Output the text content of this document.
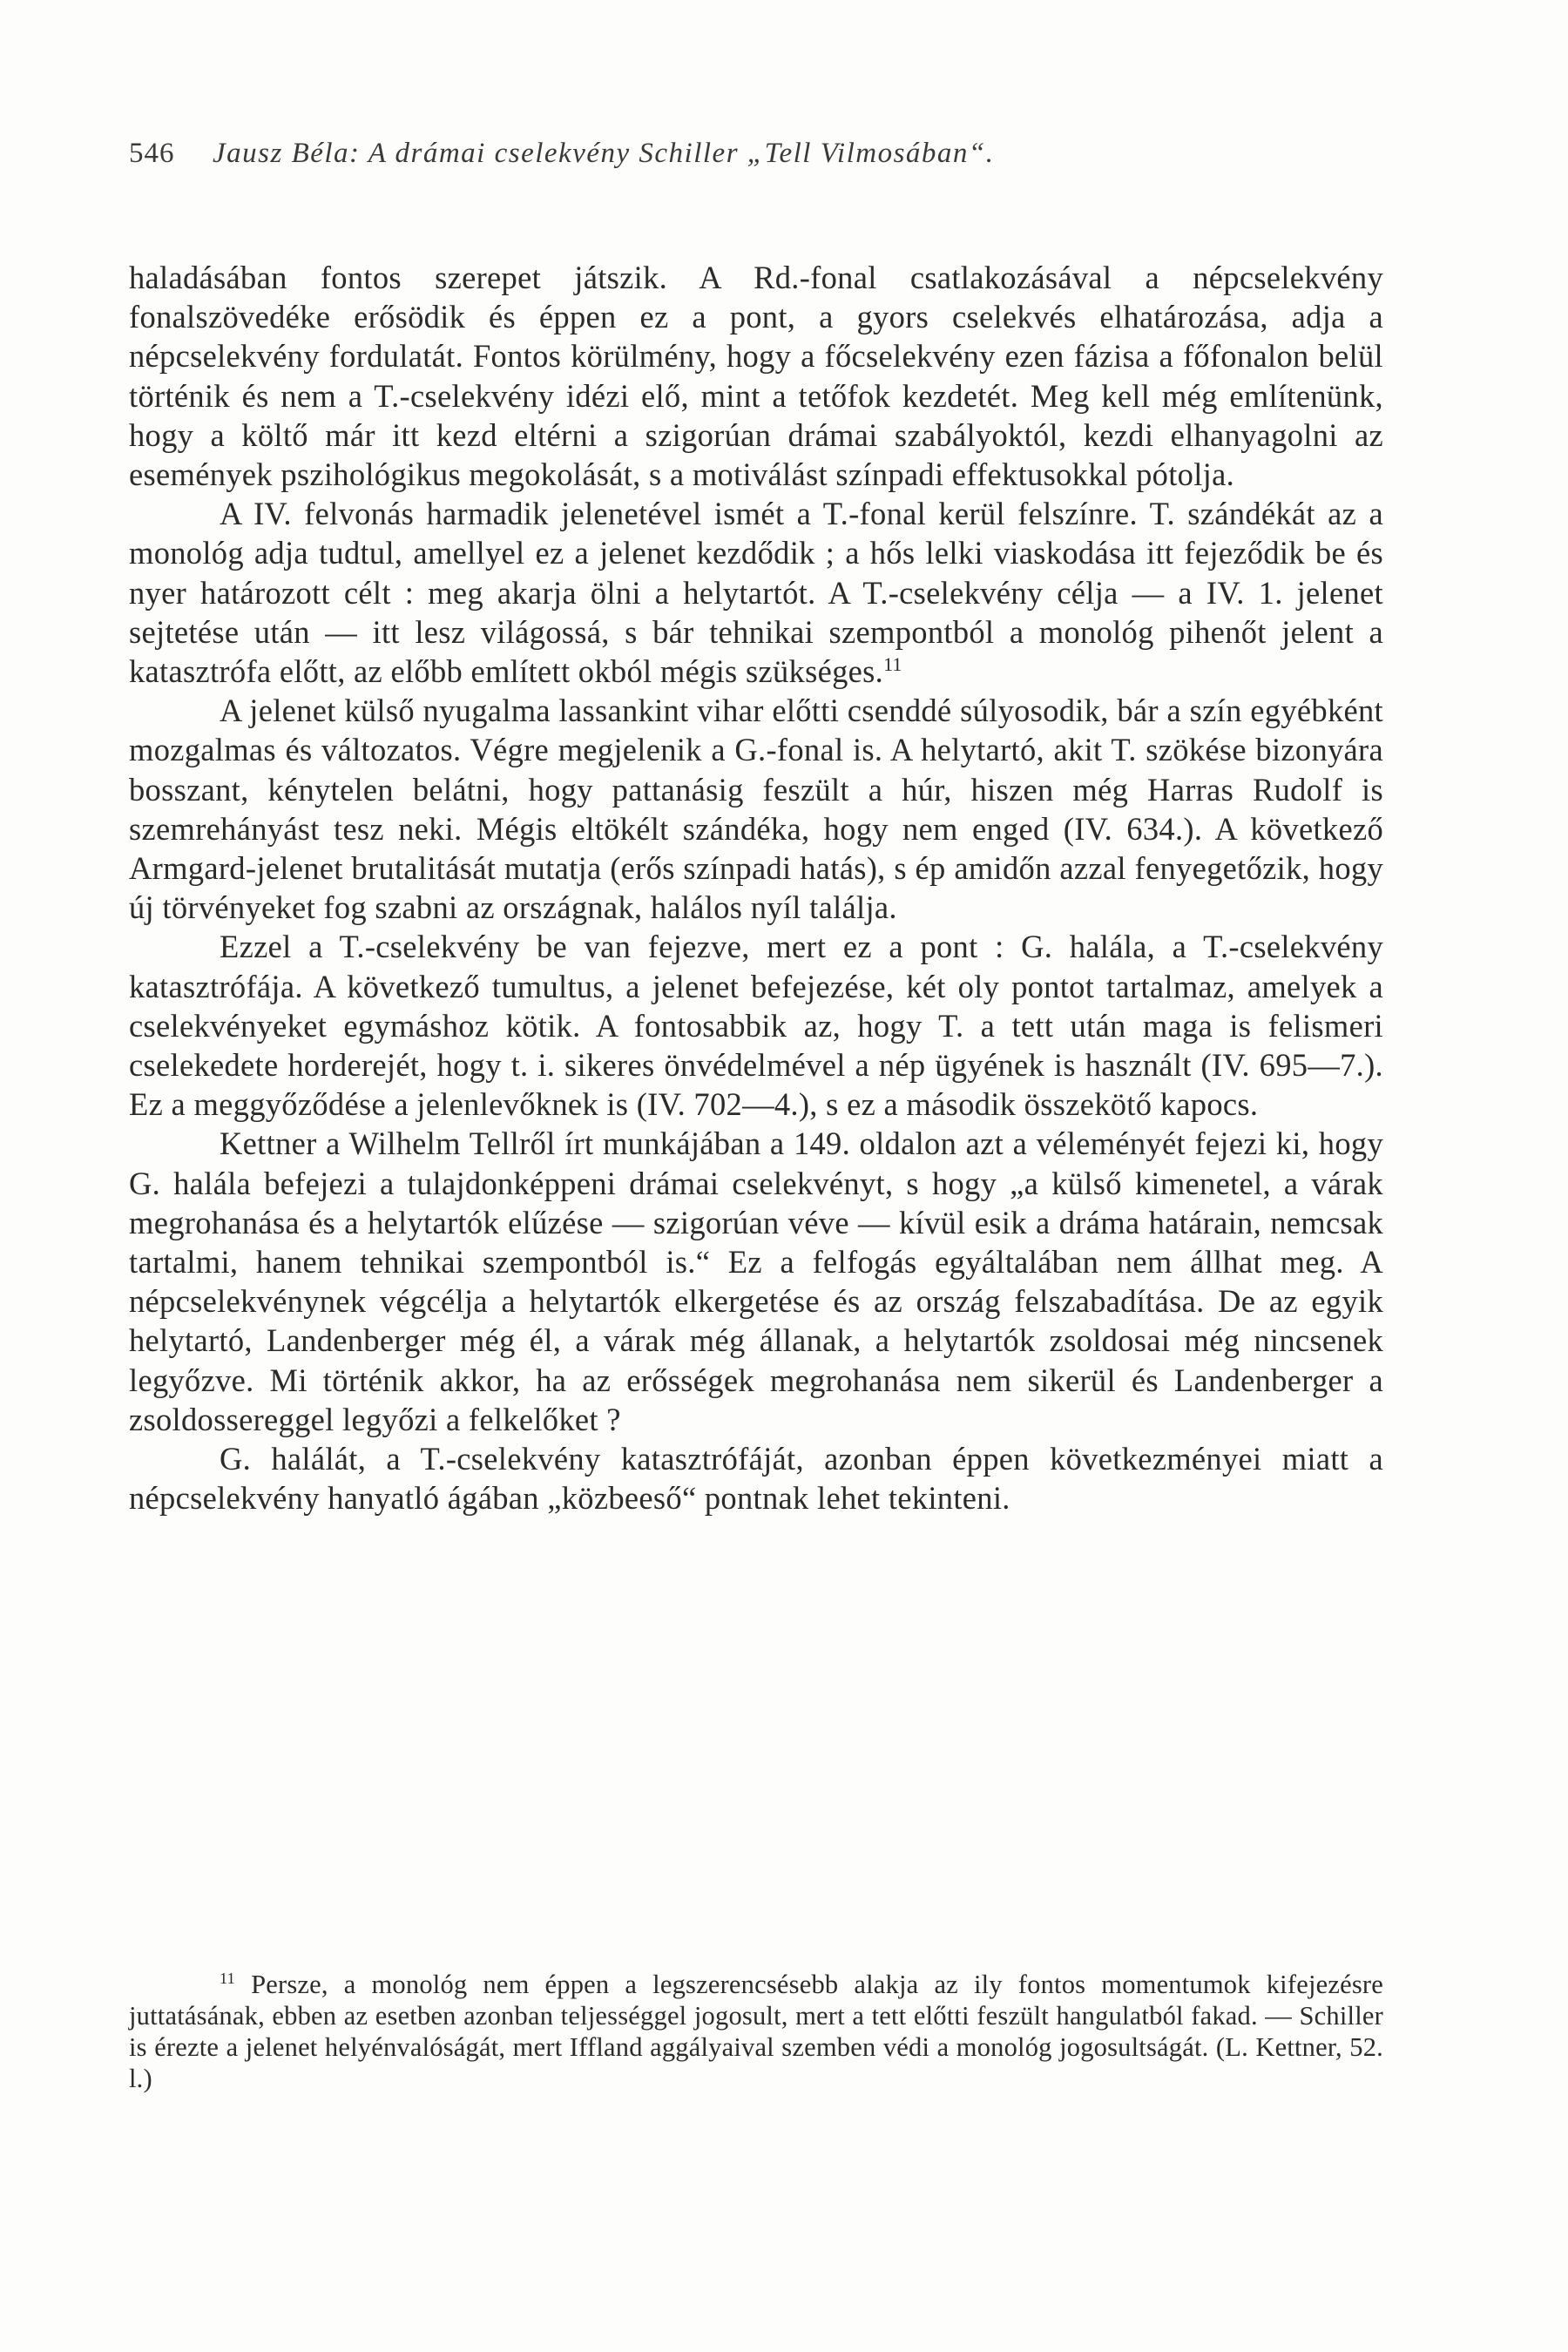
546 Jausz Béla: A drámai cselekvény Schiller „Tell Vilmosában“.

haladásában fontos szerepet játszik. A Rd.-fonal csatlakozásával a népcselekvény fonalszövedéke erősödik és éppen ez a pont, a gyors cselekvés elhatározása, adja a népcselekvény fordulatát. Fontos körülmény, hogy a főcselekvény ezen fázisa a főfonalon belül történik és nem a T.-cselekvény idézi elő, mint a tetőfok kezdetét. Meg kell még említenünk, hogy a költő már itt kezd eltérni a szigorúan drámai szabályoktól, kezdi elhanyagolni az események pszihológikus megokolását, s a motiválást színpadi effektusokkal pótolja.

A IV. felvonás harmadik jelenetével ismét a T.-fonal kerül felszínre. T. szándékát az a monológ adja tudtul, amellyel ez a jelenet kezdődik ; a hős lelki viaskodása itt fejeződik be és nyer határozott célt : meg akarja ölni a helytartót. A T.-cselekvény célja — a IV. 1. jelenet sejtetése után — itt lesz világossá, s bár tehnikai szempontból a monológ pihenőt jelent a katasztrófa előtt, az előbb említett okból mégis szükséges.$^{11}$

A jelenet külső nyugalma lassankint vihar előtti csenddé súlyosodik, bár a szín egyébként mozgalmas és változatos. Végre megjelenik a G.-fonal is. A helytartó, akit T. szökése bizonyára bosszant, kénytelen belátni, hogy pattanásig feszült a húr, hiszen még Harras Rudolf is szemrehányást tesz neki. Mégis eltökélt szándéka, hogy nem enged (IV. 634.). A következő Armgard-jelenet brutalitását mutatja (erős színpadi hatás), s ép amidőn azzal fenyegetőzik, hogy új törvényeket fog szabni az országnak, halálos nyíl találja.

Ezzel a T.-cselekvény be van fejezve, mert ez a pont : G. halála, a T.-cselekvény katasztrófája. A következő tumultus, a jelenet befejezése, két oly pontot tartalmaz, amelyek a cselekvényeket egymáshoz kötik. A fontosabbik az, hogy T. a tett után maga is felismeri cselekedete horderejét, hogy t. i. sikeres önvédelmével a nép ügyének is használt (IV. 695—7.). Ez a meggyőződése a jelenlevőknek is (IV. 702—4.), s ez a második összekötő kapocs.

Kettner a Wilhelm Tellről írt munkájában a 149. oldalon azt a véleményét fejezi ki, hogy G. halála befejezi a tulajdonképpeni drámai cselekvényt, s hogy „a külső kimenetel, a várak megrohanása és a helytartók elűzése — szigorúan véve — kívül esik a dráma határain, nemcsak tartalmi, hanem tehnikai szempontból is.“ Ez a felfogás egyáltalában nem állhat meg. A népcselekvénynek végcélja a helytartók elkergetése és az ország felszabadítása. De az egyik helytartó, Landenberger még él, a várak még állanak, a helytartók zsoldosai még nincsenek legyőzve. Mi történik akkor, ha az erősségek megrohanása nem sikerül és Landenberger a zsoldossereggel legyőzi a felkelőket ?

G. halálát, a T.-cselekvény katasztrófáját, azonban éppen következményei miatt a népcselekvény hanyatló ágában „közbeeső“ pontnak lehet tekinteni.

$^{11}$ Persze, a monológ nem éppen a legszerencsésebb alakja az ily fontos momentumok kifejezésre juttatásának, ebben az esetben azonban teljességgel jogosult, mert a tett előtti feszült hangulatból fakad. — Schiller is érezte a jelenet helyénvalóságát, mert Iffland aggályaival szemben védi a monológ jogosultságát. (L. Kettner, 52. l.)
